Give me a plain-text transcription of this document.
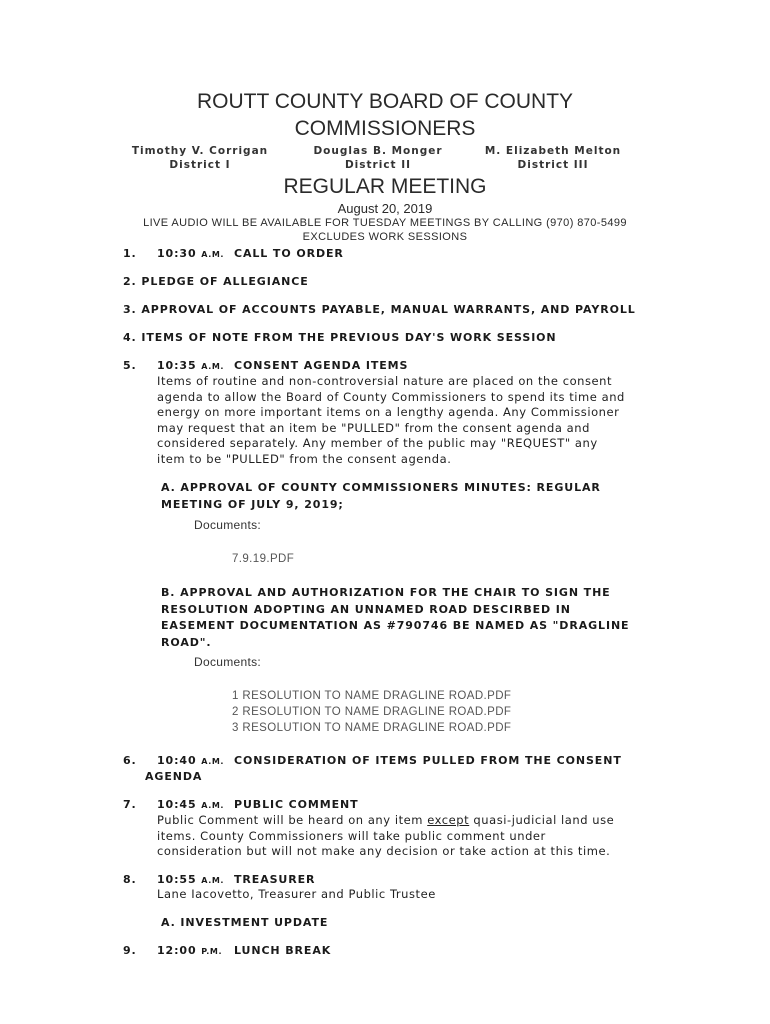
ROUTT COUNTY BOARD OF COUNTY
COMMISSIONERS
Timothy V. Corrigan
District I
Douglas B. Monger
District II
M. Elizabeth Melton
District III
REGULAR MEETING
August 20, 2019
LIVE AUDIO WILL BE AVAILABLE FOR TUESDAY MEETINGS BY CALLING (970) 870-5499
EXCLUDES WORK SESSIONS
1. 10:30 A.M. CALL TO ORDER
2. PLEDGE OF ALLEGIANCE
3. APPROVAL OF ACCOUNTS PAYABLE, MANUAL WARRANTS, AND PAYROLL
4. ITEMS OF NOTE FROM THE PREVIOUS DAY'S WORK SESSION
5. 10:35 A.M. CONSENT AGENDA ITEMS
Items of routine and non-controversial nature are placed on the consent agenda to allow the Board of County Commissioners to spend its time and energy on more important items on a lengthy agenda. Any Commissioner may request that an item be "PULLED" from the consent agenda and considered separately. Any member of the public may "REQUEST" any item to be "PULLED" from the consent agenda.
A. APPROVAL OF COUNTY COMMISSIONERS MINUTES: REGULAR MEETING OF JULY 9, 2019;
Documents:
7.9.19.PDF
B. APPROVAL AND AUTHORIZATION FOR THE CHAIR TO SIGN THE RESOLUTION ADOPTING AN UNNAMED ROAD DESCIRBED IN EASEMENT DOCUMENTATION AS #790746 BE NAMED AS "DRAGLINE ROAD".
Documents:
1 RESOLUTION TO NAME DRAGLINE ROAD.PDF
2 RESOLUTION TO NAME DRAGLINE ROAD.PDF
3 RESOLUTION TO NAME DRAGLINE ROAD.PDF
6. 10:40 A.M. CONSIDERATION OF ITEMS PULLED FROM THE CONSENT
AGENDA
7. 10:45 A.M. PUBLIC COMMENT
Public Comment will be heard on any item except quasi-judicial land use items. County Commissioners will take public comment under consideration but will not make any decision or take action at this time.
8. 10:55 A.M. TREASURER
Lane Iacovetto, Treasurer and Public Trustee
A. INVESTMENT UPDATE
9. 12:00 P.M. LUNCH BREAK
